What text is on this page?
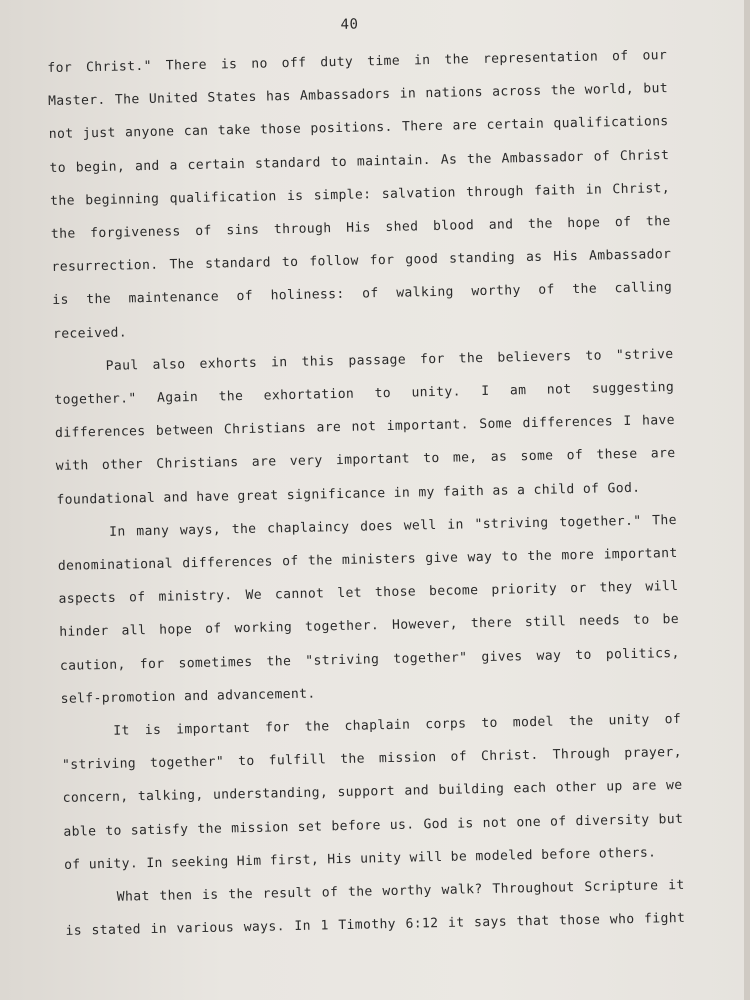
40
for Christ." There is no off duty time in the representation of our
Master. The United States has Ambassadors in nations across the world, but
not just anyone can take those positions. There are certain qualifications
to begin, and a certain standard to maintain. As the Ambassador of Christ
the beginning qualification is simple: salvation through faith in Christ,
the forgiveness of sins through His shed blood and the hope of the
resurrection. The standard to follow for good standing as His Ambassador
is the maintenance of holiness: of walking worthy of the calling
received.
Paul also exhorts in this passage for the believers to "strive
together." Again the exhortation to unity. I am not suggesting
differences between Christians are not important. Some differences I have
with other Christians are very important to me, as some of these are
foundational and have great significance in my faith as a child of God.
In many ways, the chaplaincy does well in "striving together." The
denominational differences of the ministers give way to the more important
aspects of ministry. We cannot let those become priority or they will
hinder all hope of working together. However, there still needs to be
caution, for sometimes the "striving together" gives way to politics,
self-promotion and advancement.
It is important for the chaplain corps to model the unity of
"striving together" to fulfill the mission of Christ. Through prayer,
concern, talking, understanding, support and building each other up are we
able to satisfy the mission set before us. God is not one of diversity but
of unity. In seeking Him first, His unity will be modeled before others.
What then is the result of the worthy walk? Throughout Scripture it
is stated in various ways. In 1 Timothy 6:12 it says that those who fight
